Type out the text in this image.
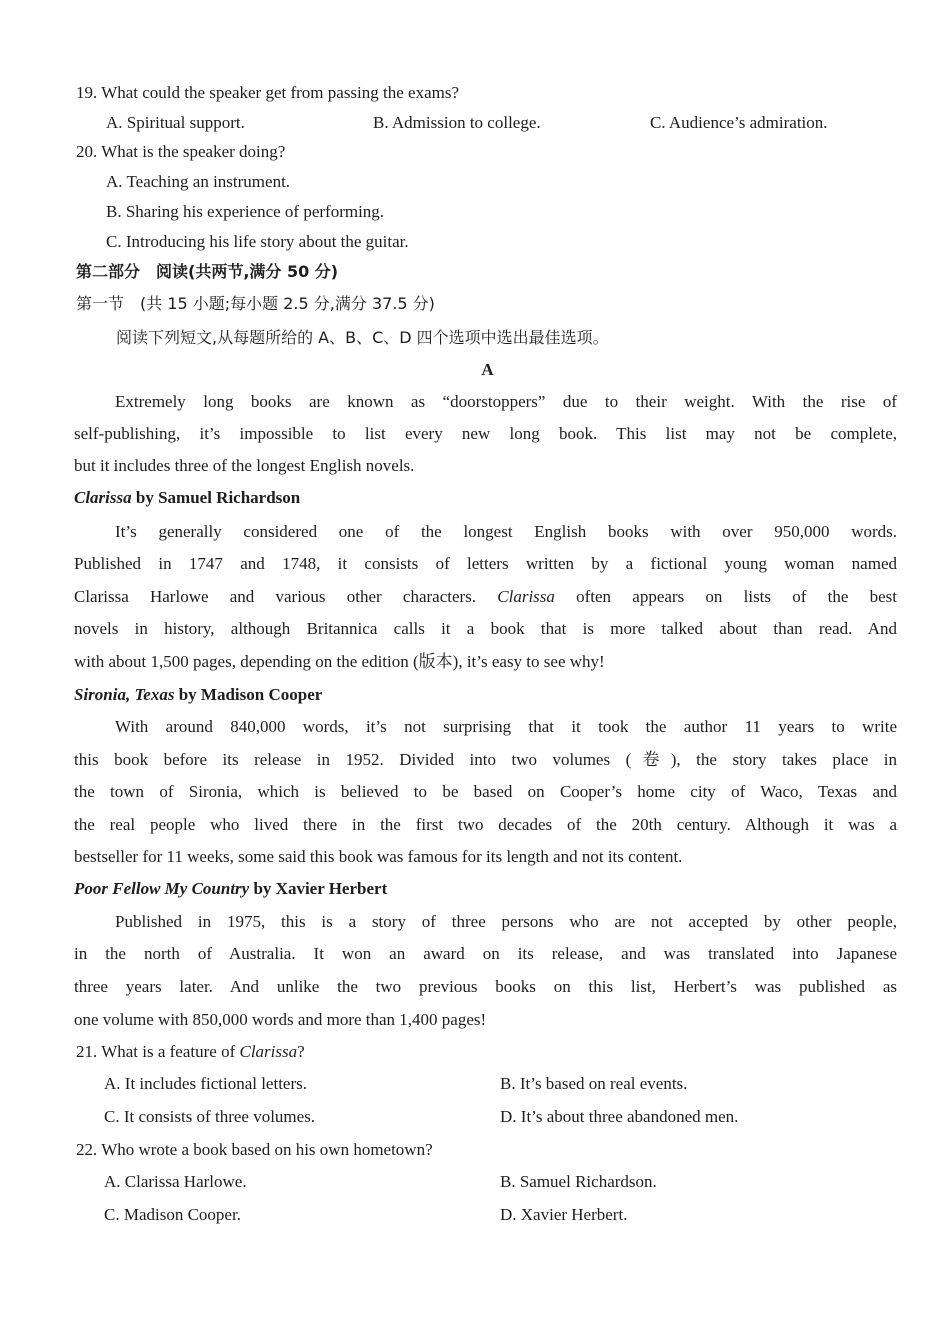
19. What could the speaker get from passing the exams?
A. Spiritual support.	B. Admission to college.	C. Audience’s admiration.
20. What is the speaker doing?
A. Teaching an instrument.
B. Sharing his experience of performing.
C. Introducing his life story about the guitar.
第二部分　阅读(共两节,满分 50 分)
第一节　(共 15 小题;每小题 2.5 分,满分 37.5 分)
阅读下列短文,从每题所给的 A、B、C、D 四个选项中选出最佳选项。
A
Extremely long books are known as “doorstoppers” due to their weight. With the rise of
self-publishing, it’s impossible to list every new long book. This list may not be complete,
but it includes three of the longest English novels.
Clarissa by Samuel Richardson
It’s generally considered one of the longest English books with over 950,000 words.
Published in 1747 and 1748, it consists of letters written by a fictional young woman named
Clarissa Harlowe and various other characters. Clarissa often appears on lists of the best
novels in history, although Britannica calls it a book that is more talked about than read. And
with about 1,500 pages, depending on the edition (版本), it’s easy to see why!
Sironia, Texas by Madison Cooper
With around 840,000 words, it’s not surprising that it took the author 11 years to write
this book before its release in 1952. Divided into two volumes (卷), the story takes place in
the town of Sironia, which is believed to be based on Cooper’s home city of Waco, Texas and
the real people who lived there in the first two decades of the 20th century. Although it was a
bestseller for 11 weeks, some said this book was famous for its length and not its content.
Poor Fellow My Country by Xavier Herbert
Published in 1975, this is a story of three persons who are not accepted by other people,
in the north of Australia. It won an award on its release, and was translated into Japanese
three years later. And unlike the two previous books on this list, Herbert’s was published as
one volume with 850,000 words and more than 1,400 pages!
21. What is a feature of Clarissa?
A. It includes fictional letters.	B. It’s based on real events.
C. It consists of three volumes.	D. It’s about three abandoned men.
22. Who wrote a book based on his own hometown?
A. Clarissa Harlowe.	B. Samuel Richardson.
C. Madison Cooper.	D. Xavier Herbert.
